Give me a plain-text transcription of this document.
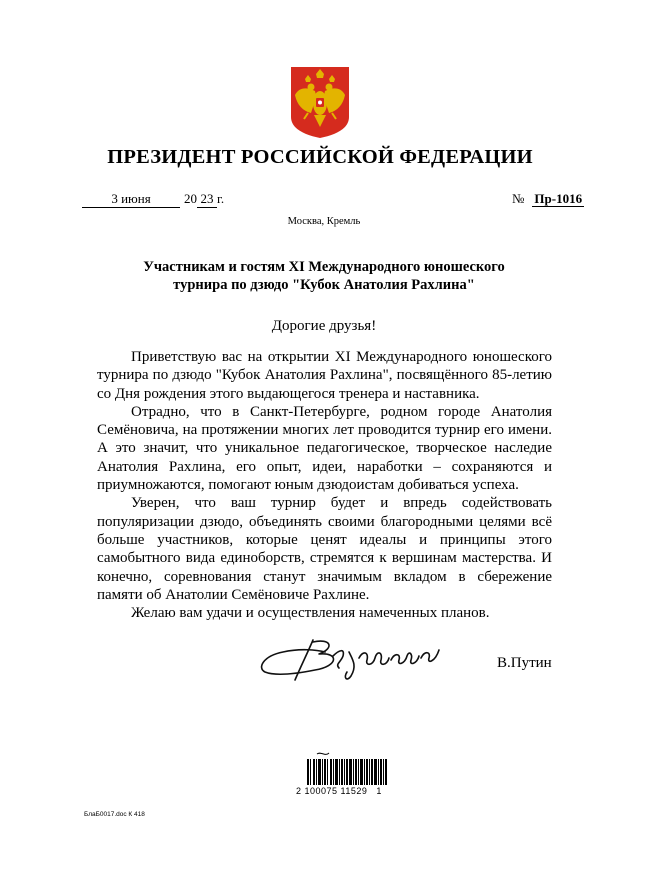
ПРЕЗИДЕНТ РОССИЙСКОЙ ФЕДЕРАЦИИ
3 июня	20 23 г.	№ Пр-1016
Москва, Кремль
Участникам и гостям XI Международного юношеского
турнира по дзюдо "Кубок Анатолия Рахлина"
Дорогие друзья!

Приветствую вас на открытии XI Международного юношеского турнира по дзюдо "Кубок Анатолия Рахлина", посвящённого 85-летию со Дня рождения этого выдающегося тренера и наставника.

Отрадно, что в Санкт-Петербурге, родном городе Анатолия Семёновича, на протяжении многих лет проводится турнир его имени. А это значит, что уникальное педагогическое, творческое наследие Анатолия Рахлина, его опыт, идеи, наработки – сохраняются и приумножаются, помогают юным дзюдоистам добиваться успеха.

Уверен, что ваш турнир будет и впредь содействовать популяризации дзюдо, объединять своими благородными целями всё больше участников, которые ценят идеалы и принципы этого самобытного вида единоборств, стремятся к вершинам мастерства. И конечно, соревнования станут значимым вкладом в сбережение памяти об Анатолии Семёновиче Рахлине.

Желаю вам удачи и осуществления намеченных планов.

В.Путин
2 100075 11529   1
БлаБ0017.doc К 418
